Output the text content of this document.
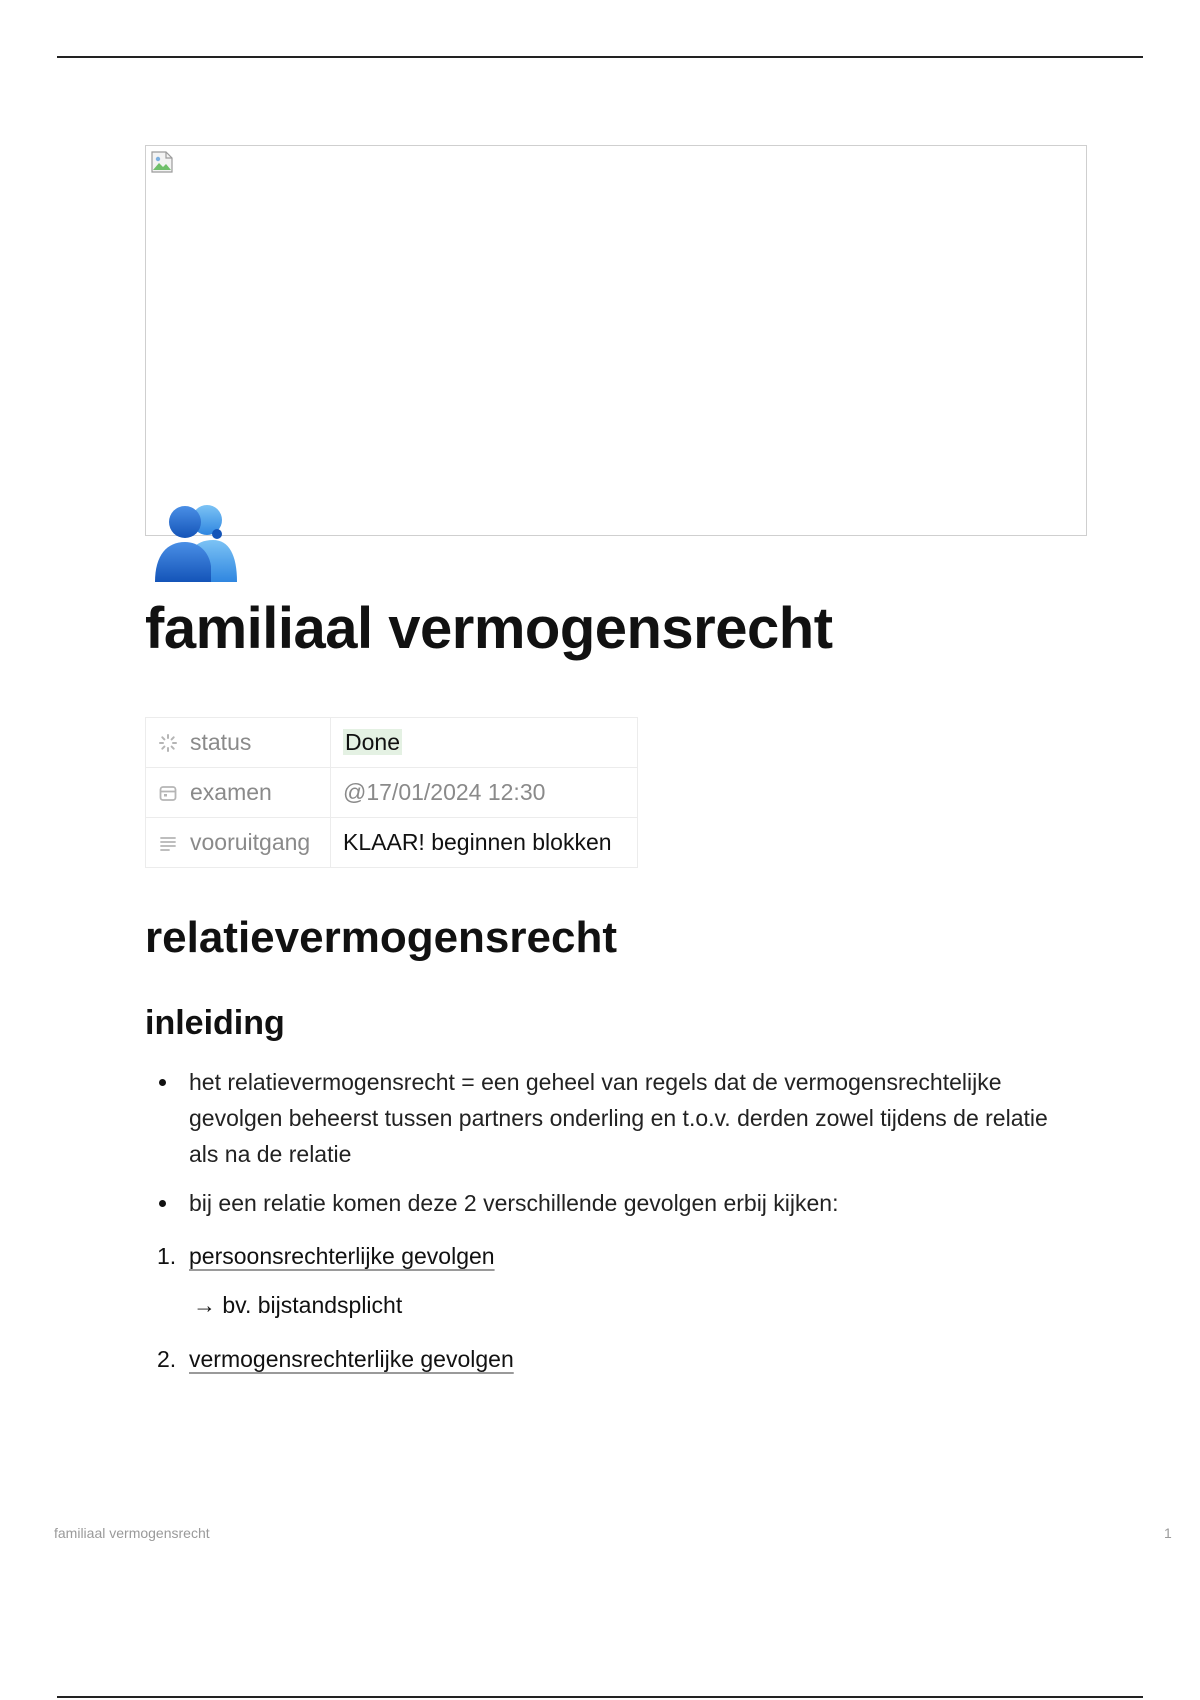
familiaal vermogensrecht
status	Done

examen	@17/01/2024 12:30

vooruitgang	KLAAR! beginnen blokken
relatievermogensrecht
inleiding
het relatievermogensrecht = een geheel van regels dat de vermogensrechtelijke gevolgen beheerst tussen partners onderling en t.o.v. derden zowel tijdens de relatie als na de relatie
bij een relatie komen deze 2 verschillende gevolgen erbij kijken:
1. persoonsrechterlijke gevolgen
→ bv. bijstandsplicht
2. vermogensrechterlijke gevolgen
familiaal vermogensrecht	1
